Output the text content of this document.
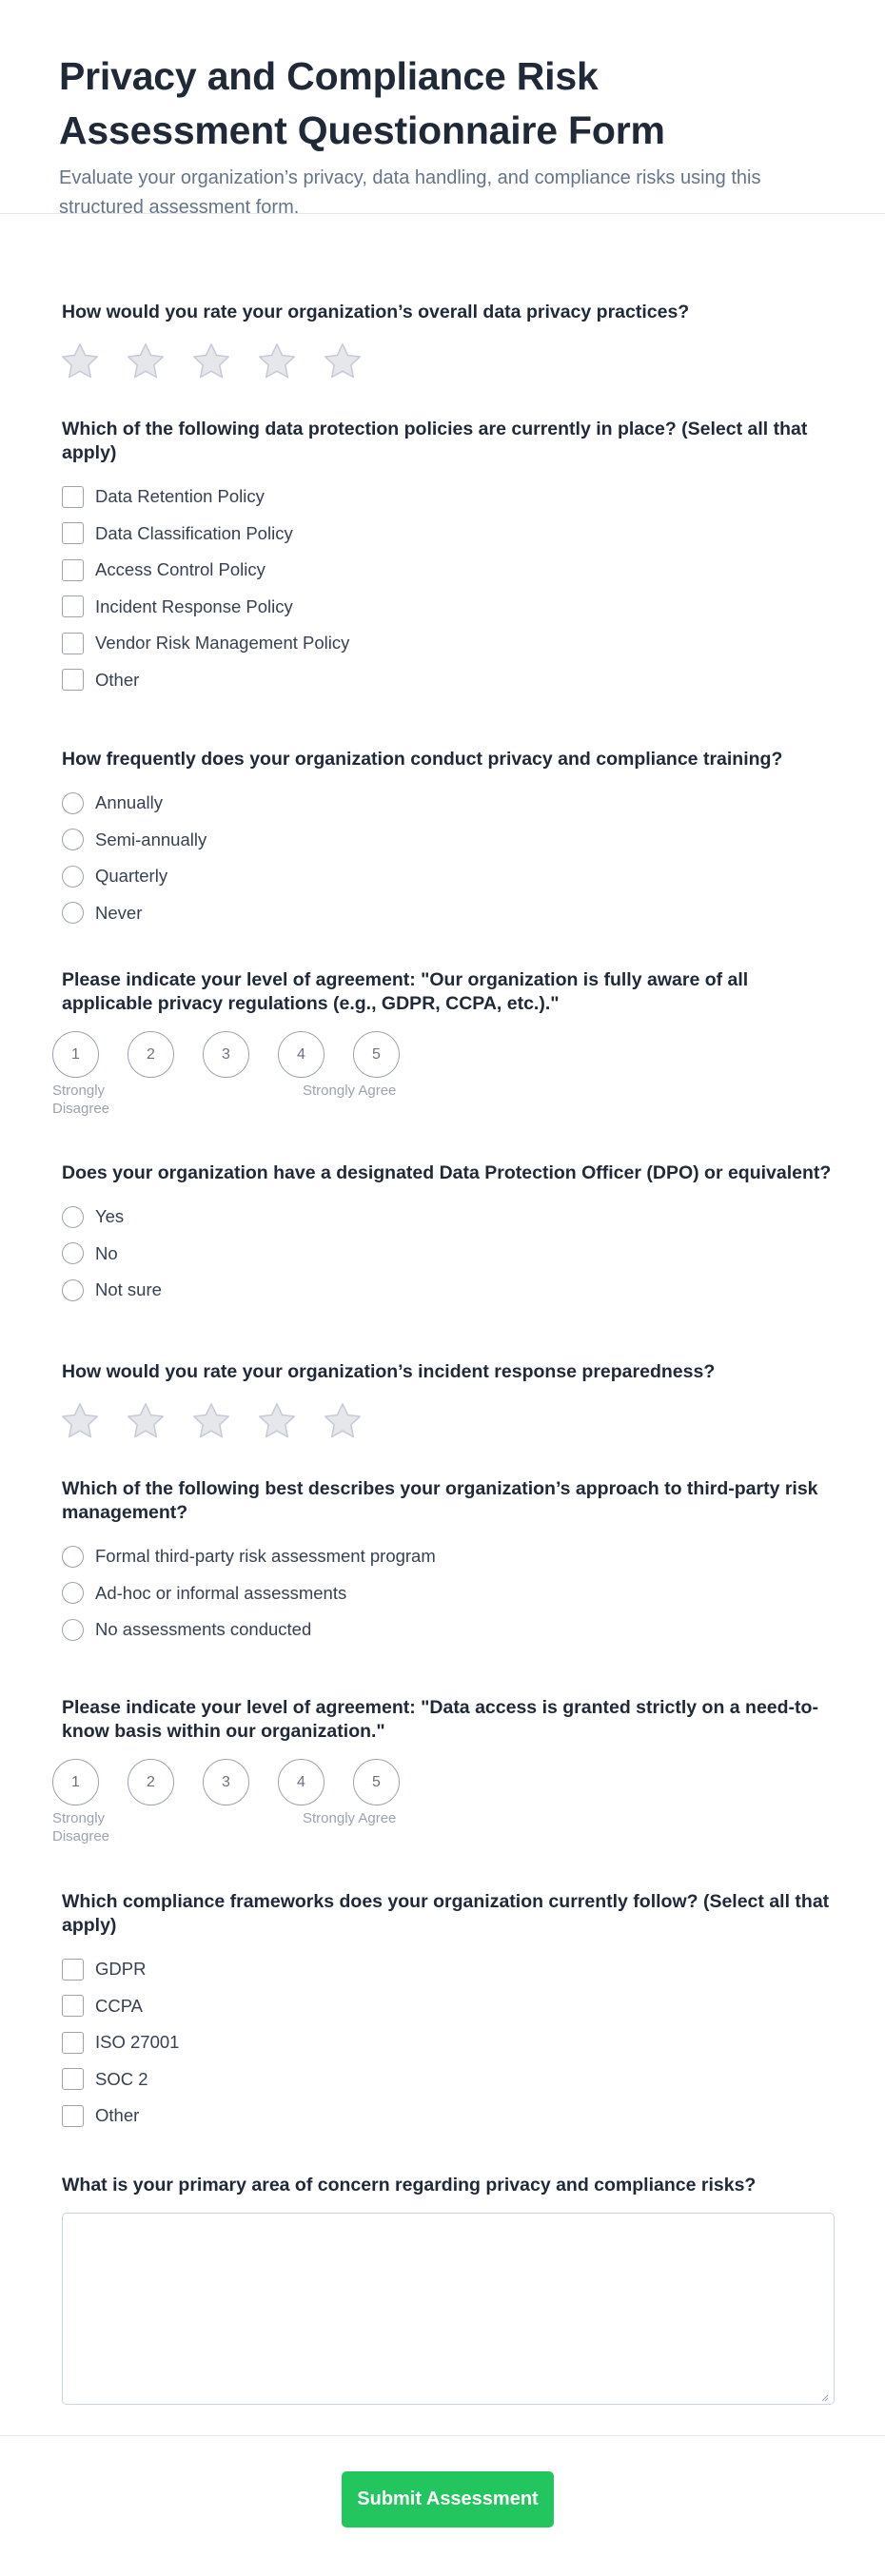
Privacy and Compliance Risk Assessment Questionnaire Form
Evaluate your organization’s privacy, data handling, and compliance risks using this structured assessment form.
How would you rate your organization’s overall data privacy practices?
Which of the following data protection policies are currently in place? (Select all that apply)
Data Retention Policy
Data Classification Policy
Access Control Policy
Incident Response Policy
Vendor Risk Management Policy
Other
How frequently does your organization conduct privacy and compliance training?
Annually
Semi-annually
Quarterly
Never
Please indicate your level of agreement: "Our organization is fully aware of all applicable privacy regulations (e.g., GDPR, CCPA, etc.)."
1	2	3	4	5
Strongly Disagree
Strongly Agree
Does your organization have a designated Data Protection Officer (DPO) or equivalent?
Yes
No
Not sure
How would you rate your organization’s incident response preparedness?
Which of the following best describes your organization’s approach to third-party risk management?
Formal third-party risk assessment program
Ad-hoc or informal assessments
No assessments conducted
Please indicate your level of agreement: "Data access is granted strictly on a need-to-know basis within our organization."
1	2	3	4	5
Strongly Disagree
Strongly Agree
Which compliance frameworks does your organization currently follow? (Select all that apply)
GDPR
CCPA
ISO 27001
SOC 2
Other
What is your primary area of concern regarding privacy and compliance risks?
Submit Assessment
